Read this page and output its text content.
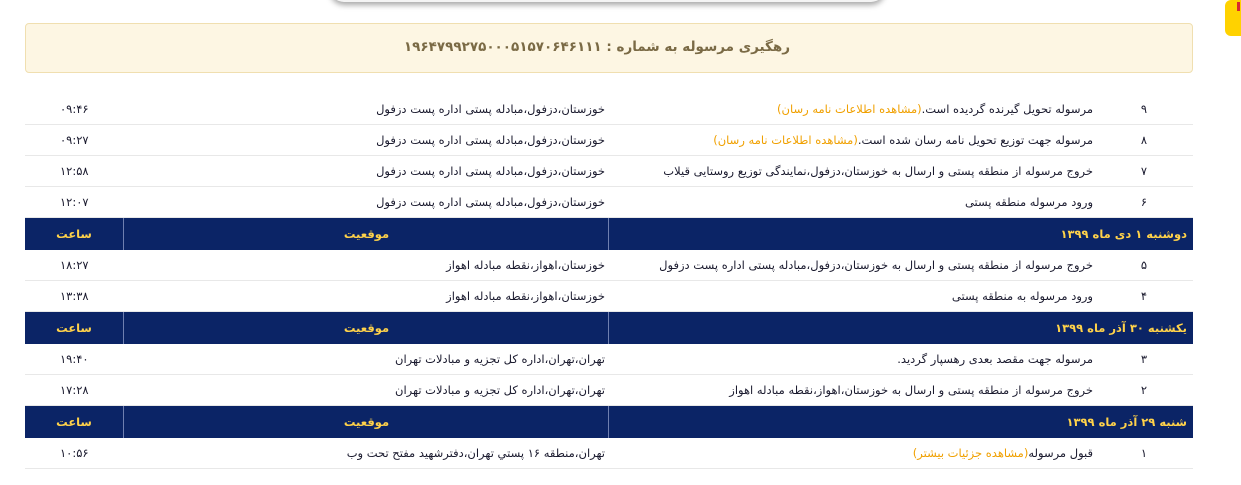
رهگیری مرسوله به شماره : ۱۹۶۴۷۹۹۲۷۵۰۰۰۵۱۵۷۰۶۴۶۱۱۱
۹
مرسوله تحویل گیرنده گردیده است.(مشاهده اطلاعات نامه رسان)
خوزستان،دزفول،مبادله پستی اداره پست دزفول
۰۹:۴۶
۸
مرسوله جهت توزیع تحویل نامه رسان شده است.(مشاهده اطلاعات نامه رسان)
خوزستان،دزفول،مبادله پستی اداره پست دزفول
۰۹:۲۷
۷
خروج مرسوله از منطقه پستی و ارسال به خوزستان،دزفول،نمایندگی توزیع روستایی قیلاب
خوزستان،دزفول،مبادله پستی اداره پست دزفول
۱۲:۵۸
۶
ورود مرسوله منطقه پستی
خوزستان،دزفول،مبادله پستی اداره پست دزفول
۱۲:۰۷
دوشنبه ۱ دی ماه ۱۳۹۹
موقعیت
ساعت
۵
خروج مرسوله از منطقه پستی و ارسال به خوزستان،دزفول،مبادله پستی اداره پست دزفول
خوزستان،اهواز،نقطه مبادله اهواز
۱۸:۲۷
۴
ورود مرسوله به منطقه پستی
خوزستان،اهواز،نقطه مبادله اهواز
۱۳:۳۸
یکشنبه ۳۰ آذر ماه ۱۳۹۹
موقعیت
ساعت
۳
مرسوله جهت مقصد بعدی رهسپار گردید.
تهران،تهران،اداره کل تجزیه و مبادلات تهران
۱۹:۴۰
۲
خروج مرسوله از منطقه پستی و ارسال به خوزستان،اهواز،نقطه مبادله اهواز
تهران،تهران،اداره کل تجزیه و مبادلات تهران
۱۷:۲۸
شنبه ۲۹ آذر ماه ۱۳۹۹
موقعیت
ساعت
۱
قبول مرسوله(مشاهده جزئیات بیشتر)
تهران،منطقه ۱۶ پستي تهران،دفترشهید مفتح تحت وب
۱۰:۵۶
